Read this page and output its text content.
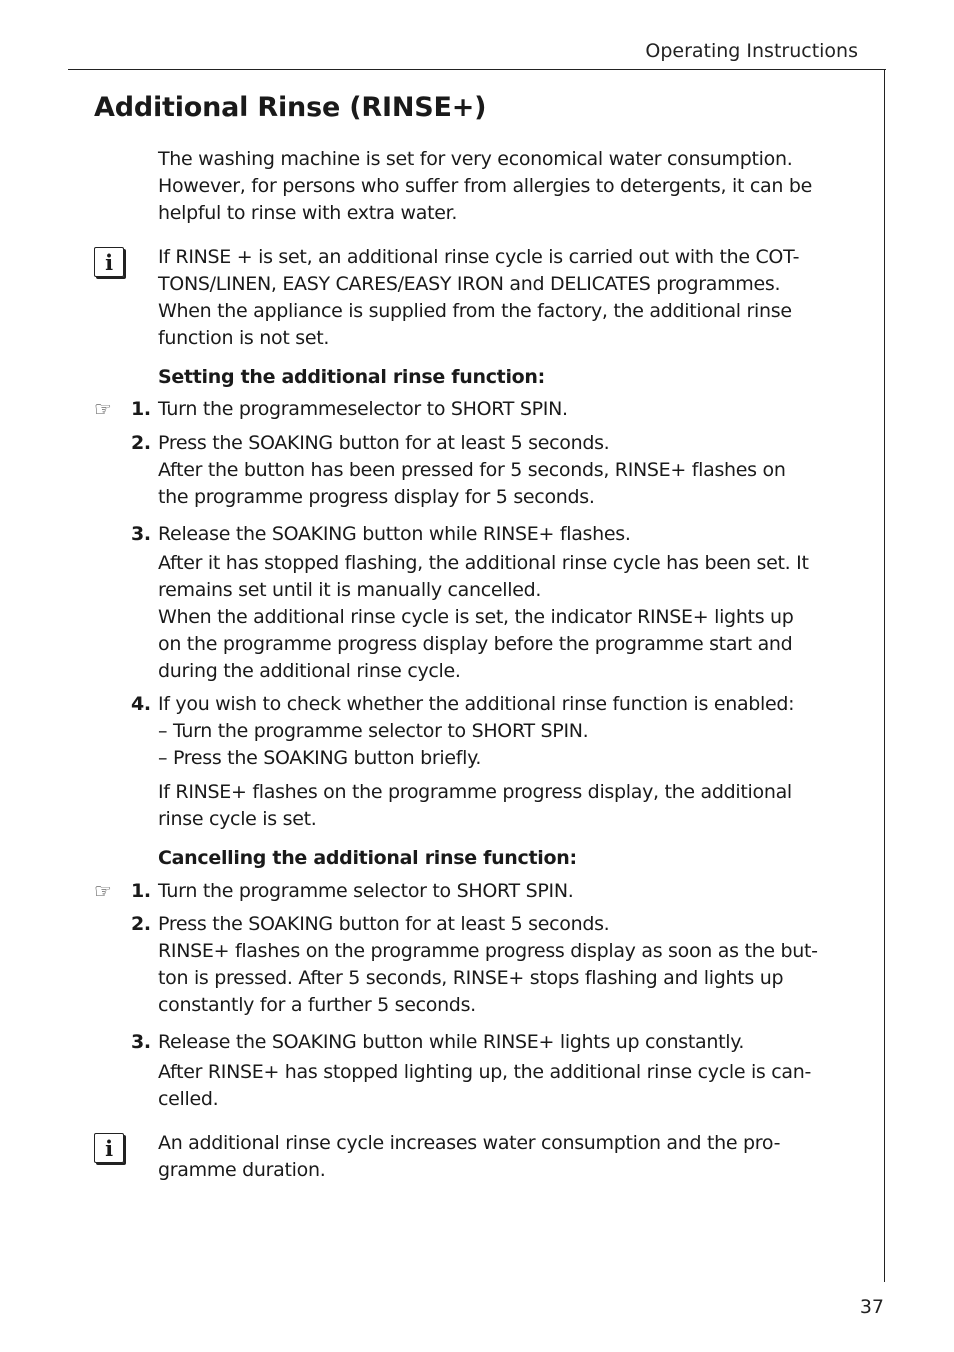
Operating Instructions
Additional Rinse (RINSE+)

The washing machine is set for very economical water consumption.
However, for persons who suffer from allergies to detergents, it can be
helpful to rinse with extra water.

i	If RINSE + is set, an additional rinse cycle is carried out with the COT-
TONS/LINEN, EASY CARES/EASY IRON and DELICATES programmes.
When the appliance is supplied from the factory, the additional rinse
function is not set.

Setting the additional rinse function:

☞ 1. Turn the programmeselector to SHORT SPIN.

2. Press the SOAKING button for at least 5 seconds.
After the button has been pressed for 5 seconds, RINSE+ flashes on
the programme progress display for 5 seconds.

3. Release the SOAKING button while RINSE+ flashes.

After it has stopped flashing, the additional rinse cycle has been set. It
remains set until it is manually cancelled.
When the additional rinse cycle is set, the indicator RINSE+ lights up
on the programme progress display before the programme start and
during the additional rinse cycle.

4. If you wish to check whether the additional rinse function is enabled:
– Turn the programme selector to SHORT SPIN.
– Press the SOAKING button briefly.

If RINSE+ flashes on the programme progress display, the additional
rinse cycle is set.

Cancelling the additional rinse function:

☞ 1. Turn the programme selector to SHORT SPIN.

2. Press the SOAKING button for at least 5 seconds.
RINSE+ flashes on the programme progress display as soon as the but-
ton is pressed. After 5 seconds, RINSE+ stops flashing and lights up
constantly for a further 5 seconds.

3. Release the SOAKING button while RINSE+ lights up constantly.

After RINSE+ has stopped lighting up, the additional rinse cycle is can-
celled.

i	An additional rinse cycle increases water consumption and the pro-
gramme duration.

37
